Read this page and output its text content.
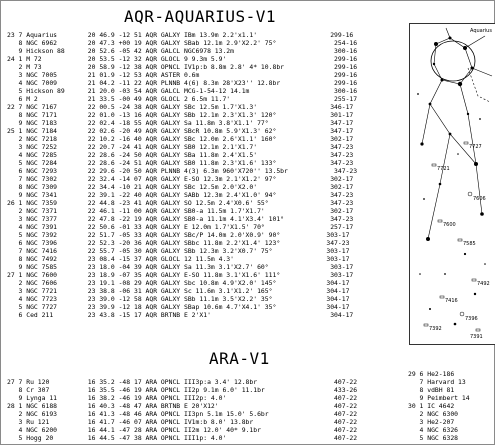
AQR-AQUARIUS-V1
23 7 Aquarius        20 46.9 -12 51 AQR GALXY IBm 13.9m 2.2'x1.1'                   299-16
8 NGC 6962        20 47.3 +00 19 AQR GALXY SBab 12.1m 2.9'X2.2' 75°               254-16
9 Hickson 88      20 52.6 -05 42 AQR GALCL NGC6978 13.2m                          300-16
24 1 M 72            20 53.5 -12 32 AQR GLOCL 9 9.3m 5.9'                            299-16
2 M 73            20 58.9 -12 38 AQR OPNCL IV1p:b 8.8m 2.8' 4* 10.8br             299-16
3 NGC 7005        21 01.9 -12 53 AQR ASTER 0.6m                                   299-16
4 NGC 7009        21 04.2 -11 22 AQR PLNNB 4(6) 8.3m 28'X23'' 12.8br              299-16
5 Hickson 89      21 20.0 -03 54 AQR GALCL MCG-1-54-12 14.1m                      300-16
6 M 2             21 33.5 -00 49 AQR GLOCL 2 6.5m 11.7'                           255-17
22 7 NGC 7167        22 00.5 -24 38 AQR GALXY SBc 12.5m 1.7'X1.3'                   346-17
8 NGC 7171        22 01.0 -13 16 AQR GALXY SBb 12.1m 2.3'X1.3' 120°              301-17
9 NGC 7183        22 02.4 -18 55 AQR GALXY Sa 11.8m 3.8'X1.1' 77°                347-17
25 1 NGC 7184        22 02.6 -20 49 AQR GALXY SBcR 10.8m 5.9'X1.3' 62°              347-17
2 NGC 7218        22 10.2 -16 40 AQR GALXY SBc 12.0m 2.6'X1.1' 160°              302-17
3 NGC 7252        22 20.7 -24 41 AQR GALXY SB0 12.1m 2.1'X1.7'                   347-23
4 NGC 7285        22 28.6 -24 50 AQR GALXY SBa 11.8m 2.4'X1.5'                   347-23
5 NGC 7284        22 28.6 -24 51 AQR GALXY SB0 11.8m 2.3'X1.6' 133°              347-23
6 NGC 7293        22 29.6 -20 50 AQR PLNNB 4(3) 6.3m 960'X720'' 13.5br            347-23
7 NGC 7302        22 32.4 -14 07 AQR GALXY E-SO 12.3m 2.1'X1.2' 97°              302-17
8 NGC 7309        22 34.4 -10 21 AQR GALXY SBc 12.5m 2.0'X2.0'                   302-17
9 NGC 7341        22 39.1 -22 40 AQR GALXY SABb 12.3m 2.4'X1.0' 94°              347-23
26 1 NGC 7359        22 44.8 -23 41 AQR GALXY SO 12.5m 2.4'X0.6' 55°                347-23
2 NGC 7371        22 46.1 -11 00 AQR GALXY SB0-a 11.5m 1.7'X1.7'                 302-17
3 NGC 7377        22 47.8 -22 19 AQR GALXY SB0-a 11.1m 4.1'X3.4' 101°            347-23
4 NGC 7391        22 50.6 -01 33 AQR GALXY E 12.0m 1.7'X1.5' 70°                 257-17
5 NGC 7392        22 51.7 -05 33 AQR GALXY SBc/P 14.0m 2.0'X0.9' 90°            303-17
6 NGC 7396        22 52.3 -20 36 AQR GALXY SBbc 11.8m 2.2'X1.4' 123°            347-23
7 NGC 7416        22 55.7 -05 30 AQR GALXY SBb 12.3m 3.2'X0.7' 75°              303-17
8 NGC 7492        23 08.4 -15 37 AQR GLOCL 12 11.5m 4.3'                        303-17
9 NGC 7585        23 18.0 -04 39 AQR GALXY Sa 11.3m 3.1'X2.7' 60°                303-17
27 1 NGC 7600        23 18.9 -07 35 AQR GALXY E-SO 11.8m 3.1'X1.6' 111°             303-17
2 NGC 7606        23 19.1 -08 29 AQR GALXY Sbc 10.8m 4.9'X2.0' 145°             304-17
3 NGC 7721        23 38.8 -06 31 AQR GALXY Sc 11.6m 3.1'X1.2' 165°              304-17
4 NGC 7723        23 39.0 -12 58 AQR GALXY SBb 11.1m 3.5'X2.2' 35°              304-17
5 NGC 7727        23 39.9 -12 18 AQR GALXY SBap 10.6m 4.7'X4.1' 35°             304-17
6 Ced 211         23 43.8 -15 17 AQR BRTNB E 2'X1'                               304-17
Aquarius
7727
7721
7606
7600
7585
7492
7416
7396
7392
7391
ARA-V1
27 7 Ru 120          16 35.2 -48 17 ARA OPNCL III3p:a 3.4' 12.8br                    407-22
8 Cr 307          16 35.5 -46 19 ARA OPNCL II2p 9.1m 6.0' 11.1br                  433-26
9 Lynga 11        16 38.2 -46 19 ARA OPNCL III2p: 4.0'                            407-22
28 1 NGC 6188        16 40.3 -48 47 ARA BRTNB E 20'X12'                              407-22
2 NGC 6193        16 41.3 -48 46 ARA OPNCL II3pn 5.1m 15.0' 5.6br                 407-22
3 Ru 121          16 41.7 -46 07 ARA OPNCL IV1m:b 8.0' 13.8br                     407-22
4 NGC 6200        16 44.1 -47 28 ARA OPNCL II2m 12.0' 40* 9.1br                   407-22
5 Hogg 20         16 44.5 -47 38 ARA OPNCL III1p: 4.0'                            407-22
29 6 He2-186
7 Harvard 13
8 vdBH 81
9 Peimbert 14
30 1 IC 4642
2 NGC 6300
3 He2-207
4 NGC 6326
5 NGC 6328
